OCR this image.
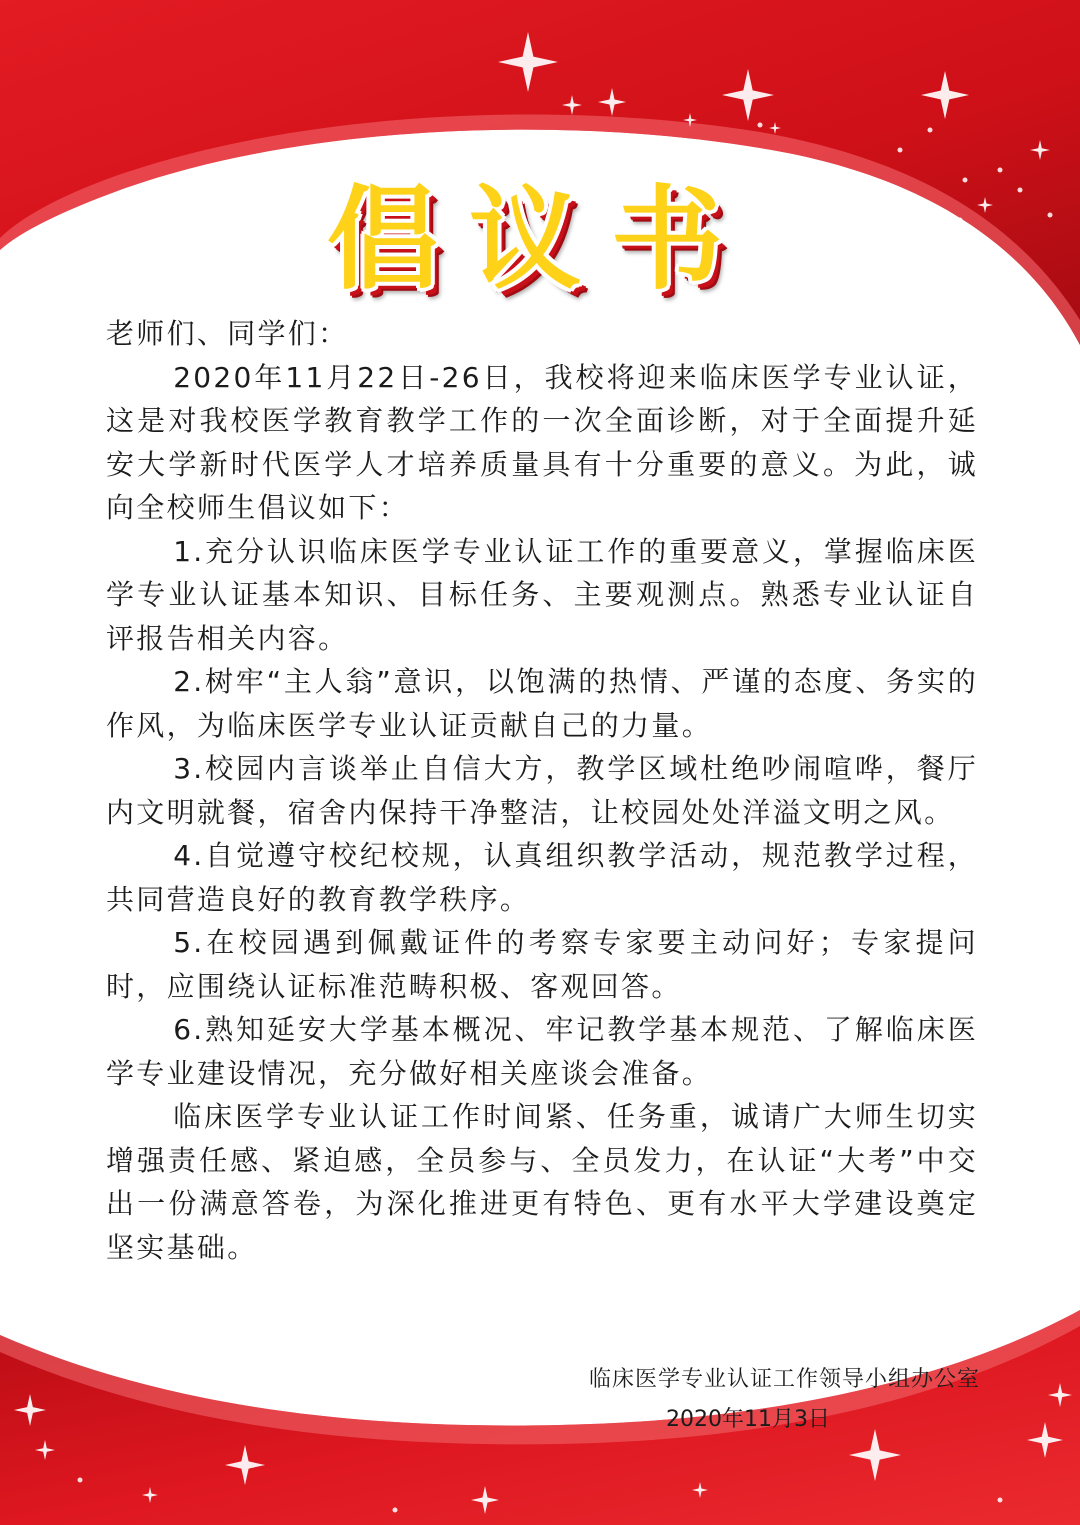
倡议书

老师们、同学们：

2020年11月22日-26日，我校将迎来临床医学专业认证，这是对我校医学教育教学工作的一次全面诊断，对于全面提升延安大学新时代医学人才培养质量具有十分重要的意义。为此，诚向全校师生倡议如下：

1.充分认识临床医学专业认证工作的重要意义，掌握临床医学专业认证基本知识、目标任务、主要观测点。熟悉专业认证自评报告相关内容。

2.树牢“主人翁”意识，以饱满的热情、严谨的态度、务实的作风，为临床医学专业认证贡献自己的力量。

3.校园内言谈举止自信大方，教学区域杜绝吵闹喧哗，餐厅内文明就餐，宿舍内保持干净整洁，让校园处处洋溢文明之风。

4.自觉遵守校纪校规，认真组织教学活动，规范教学过程，共同营造良好的教育教学秩序。

5.在校园遇到佩戴证件的考察专家要主动问好；专家提问时，应围绕认证标准范畴积极、客观回答。

6.熟知延安大学基本概况、牢记教学基本规范、了解临床医学专业建设情况，充分做好相关座谈会准备。

临床医学专业认证工作时间紧、任务重，诚请广大师生切实增强责任感、紧迫感，全员参与、全员发力，在认证“大考”中交出一份满意答卷，为深化推进更有特色、更有水平大学建设奠定坚实基础。

临床医学专业认证工作领导小组办公室
2020年11月3日
